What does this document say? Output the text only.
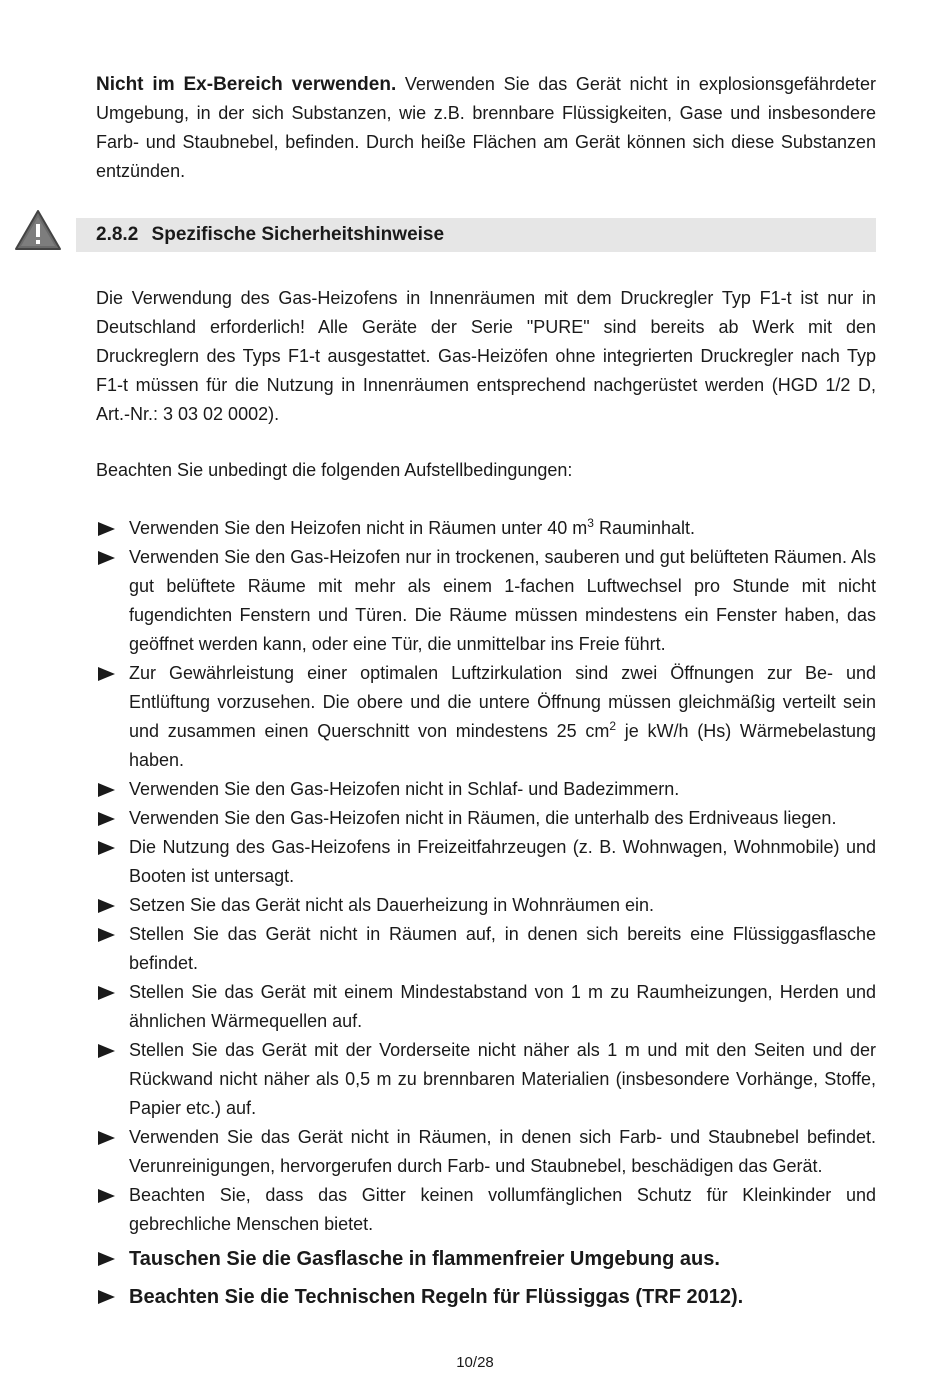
Nicht im Ex-Bereich verwenden. Verwenden Sie das Gerät nicht in explosionsgefährdeter Umgebung, in der sich Substanzen, wie z.B. brennbare Flüssigkeiten, Gase und insbesondere Farb- und Staubnebel, befinden. Durch heiße Flächen am Gerät können sich diese Substanzen entzünden.

2.8.2 Spezifische Sicherheitshinweise

Die Verwendung des Gas-Heizofens in Innenräumen mit dem Druckregler Typ F1-t ist nur in Deutschland erforderlich! Alle Geräte der Serie "PURE" sind bereits ab Werk mit den Druckreglern des Typs F1-t ausgestattet. Gas-Heizöfen ohne integrierten Druckregler nach Typ F1-t müssen für die Nutzung in Innenräumen entsprechend nachgerüstet werden (HGD 1/2 D, Art.-Nr.: 3 03 02 0002).

Beachten Sie unbedingt die folgenden Aufstellbedingungen:

Verwenden Sie den Heizofen nicht in Räumen unter 40 $m^3$ Rauminhalt.
Verwenden Sie den Gas-Heizofen nur in trockenen, sauberen und gut belüfteten Räumen. Als gut belüftete Räume mit mehr als einem 1-fachen Luftwechsel pro Stunde mit nicht fugendichten Fenstern und Türen. Die Räume müssen mindestens ein Fenster haben, das geöffnet werden kann, oder eine Tür, die unmittelbar ins Freie führt.
Zur Gewährleistung einer optimalen Luftzirkulation sind zwei Öffnungen zur Be- und Entlüftung vorzusehen. Die obere und die untere Öffnung müssen gleichmäßig verteilt sein und zusammen einen Querschnitt von mindestens 25 $cm^2$ je kW/h (Hs) Wärmebelastung haben.
Verwenden Sie den Gas-Heizofen nicht in Schlaf- und Badezimmern.
Verwenden Sie den Gas-Heizofen nicht in Räumen, die unterhalb des Erdniveaus liegen.
Die Nutzung des Gas-Heizofens in Freizeitfahrzeugen (z. B. Wohnwagen, Wohnmobile) und Booten ist untersagt.
Setzen Sie das Gerät nicht als Dauerheizung in Wohnräumen ein.
Stellen Sie das Gerät nicht in Räumen auf, in denen sich bereits eine Flüssiggasflasche befindet.
Stellen Sie das Gerät mit einem Mindestabstand von 1 m zu Raumheizungen, Herden und ähnlichen Wärmequellen auf.
Stellen Sie das Gerät mit der Vorderseite nicht näher als 1 m und mit den Seiten und der Rückwand nicht näher als 0,5 m zu brennbaren Materialien (insbesondere Vorhänge, Stoffe, Papier etc.) auf.
Verwenden Sie das Gerät nicht in Räumen, in denen sich Farb- und Staubnebel befindet. Verunreinigungen, hervorgerufen durch Farb- und Staubnebel, beschädigen das Gerät.
Beachten Sie, dass das Gitter keinen vollumfänglichen Schutz für Kleinkinder und gebrechliche Menschen bietet.
Tauschen Sie die Gasflasche in flammenfreier Umgebung aus.
Beachten Sie die Technischen Regeln für Flüssiggas (TRF 2012).
10/28
